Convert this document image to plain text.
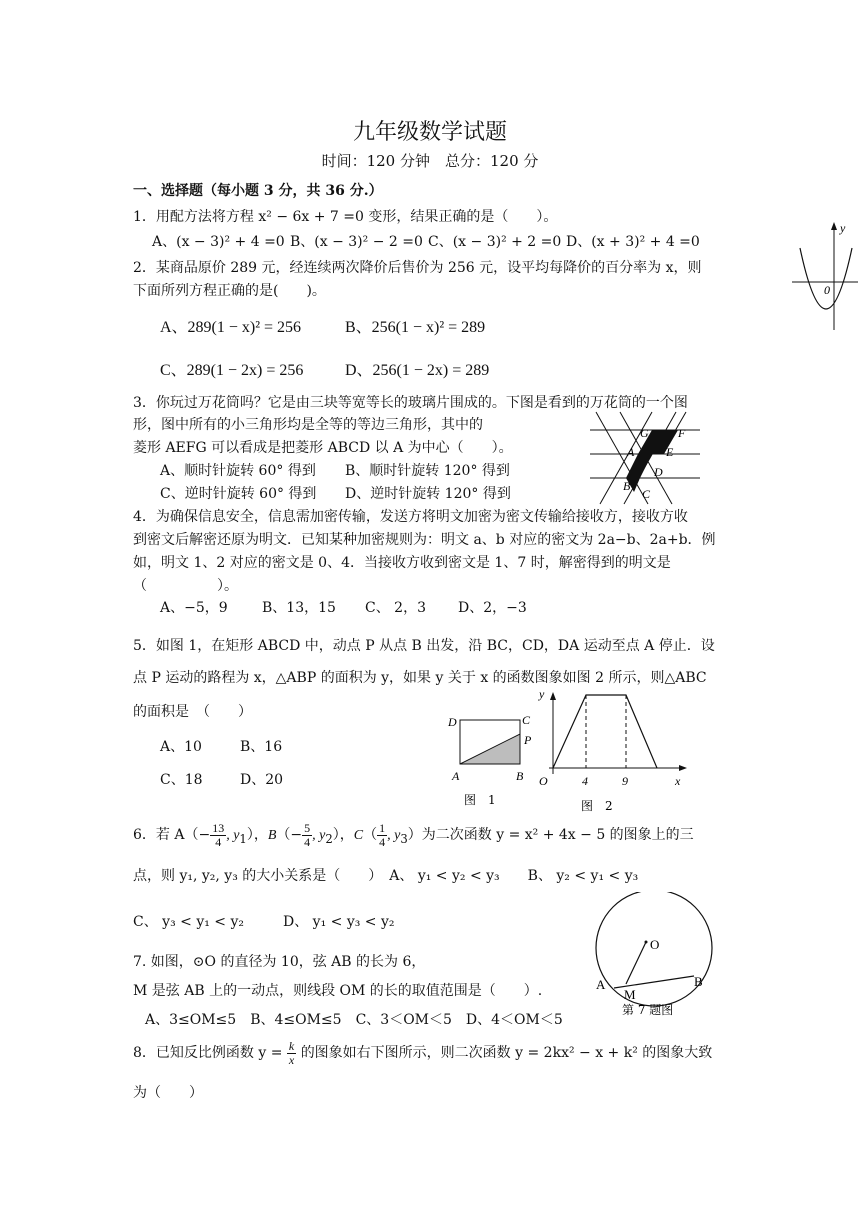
九年级数学试题
时间：120 分钟　总分：120 分
一、选择题（每小题 3 分，共 36 分.）
1．用配方法将方程 x² − 6x + 7 =0 变形，结果正确的是（　　）。
A、(x − 3)² + 4 =0 B、(x − 3)² − 2 =0 C、(x − 3)² + 2 =0 D、(x + 3)² + 4 =0
y
0
2．某商品原价 289 元，经连续两次降价后售价为 256 元，设平均每降价的百分率为 x，则
下面所列方程正确的是(　　)。
A、289(1 − x)² = 256	B、256(1 − x)² = 289
C、289(1 − 2x) = 256	D、256(1 − 2x) = 289
3．你玩过万花筒吗？它是由三块等宽等长的玻璃片围成的。下图是看到的万花筒的一个图
形，图中所有的小三角形均是全等的等边三角形，其中的
菱形 AEFG 可以看成是把菱形 ABCD 以 A 为中心（　　）。
A、顺时针旋转 60° 得到 B、顺时针旋转 120° 得到
C、逆时针旋转 60° 得到 D、逆时针旋转 120° 得到
G F
A	E
D
B
C
4．为确保信息安全，信息需加密传输，发送方将明文加密为密文传输给接收方，接收方收
到密文后解密还原为明文．已知某种加密规则为：明文 a、b 对应的密文为 2a−b、2a+b．例
如，明文 1、2 对应的密文是 0、4．当接收方收到密文是 1、7 时，解密得到的明文是
（　　　　　）。
A、−5，9 B、13，15 C、 2，3 D、2，−3
5．如图 1，在矩形 ABCD 中，动点 P 从点 B 出发，沿 BC，CD，DA 运动至点 A 停止．设
点 P 运动的路程为 x，△ABP 的面积为 y，如果 y 关于 x 的函数图象如图 2 所示，则△ABC
的面积是　（　　）
A、10	B、16
C、18	D、20
D	C
P
A	B
图　1
y
O	4	9	x
图　2
6．若 $A(- \frac{13}{4}$ , $y_1$），$B(- \frac{5}{4}$ , $y_2$），$C( \frac{1}{4}$ , $y_3$）为二次函数 y = x² + 4x − 5 的图象上的三
点，则 y₁, y₂, y₃ 的大小关系是（　　）　A、 y₁ < y₂ < y₃　　B、 y₂ < y₁ < y₃
C、 y₃ < y₁ < y₂	D、 y₁ < y₃ < y₂
7. 如图，⊙O 的直径为 10，弦 AB 的长为 6，
M 是弦 AB 上的一动点，则线段 OM 的长的取值范围是（　　）.
A、3≤OM≤5　B、4≤OM≤5　C、3＜OM＜5　D、4＜OM＜5
O
A
M
B
第 7 题图
8．已知反比例函数 $y = \frac{k}{x}$ 的图象如右下图所示，则二次函数 y = 2kx² − x + k² 的图象大致
为（　　）
